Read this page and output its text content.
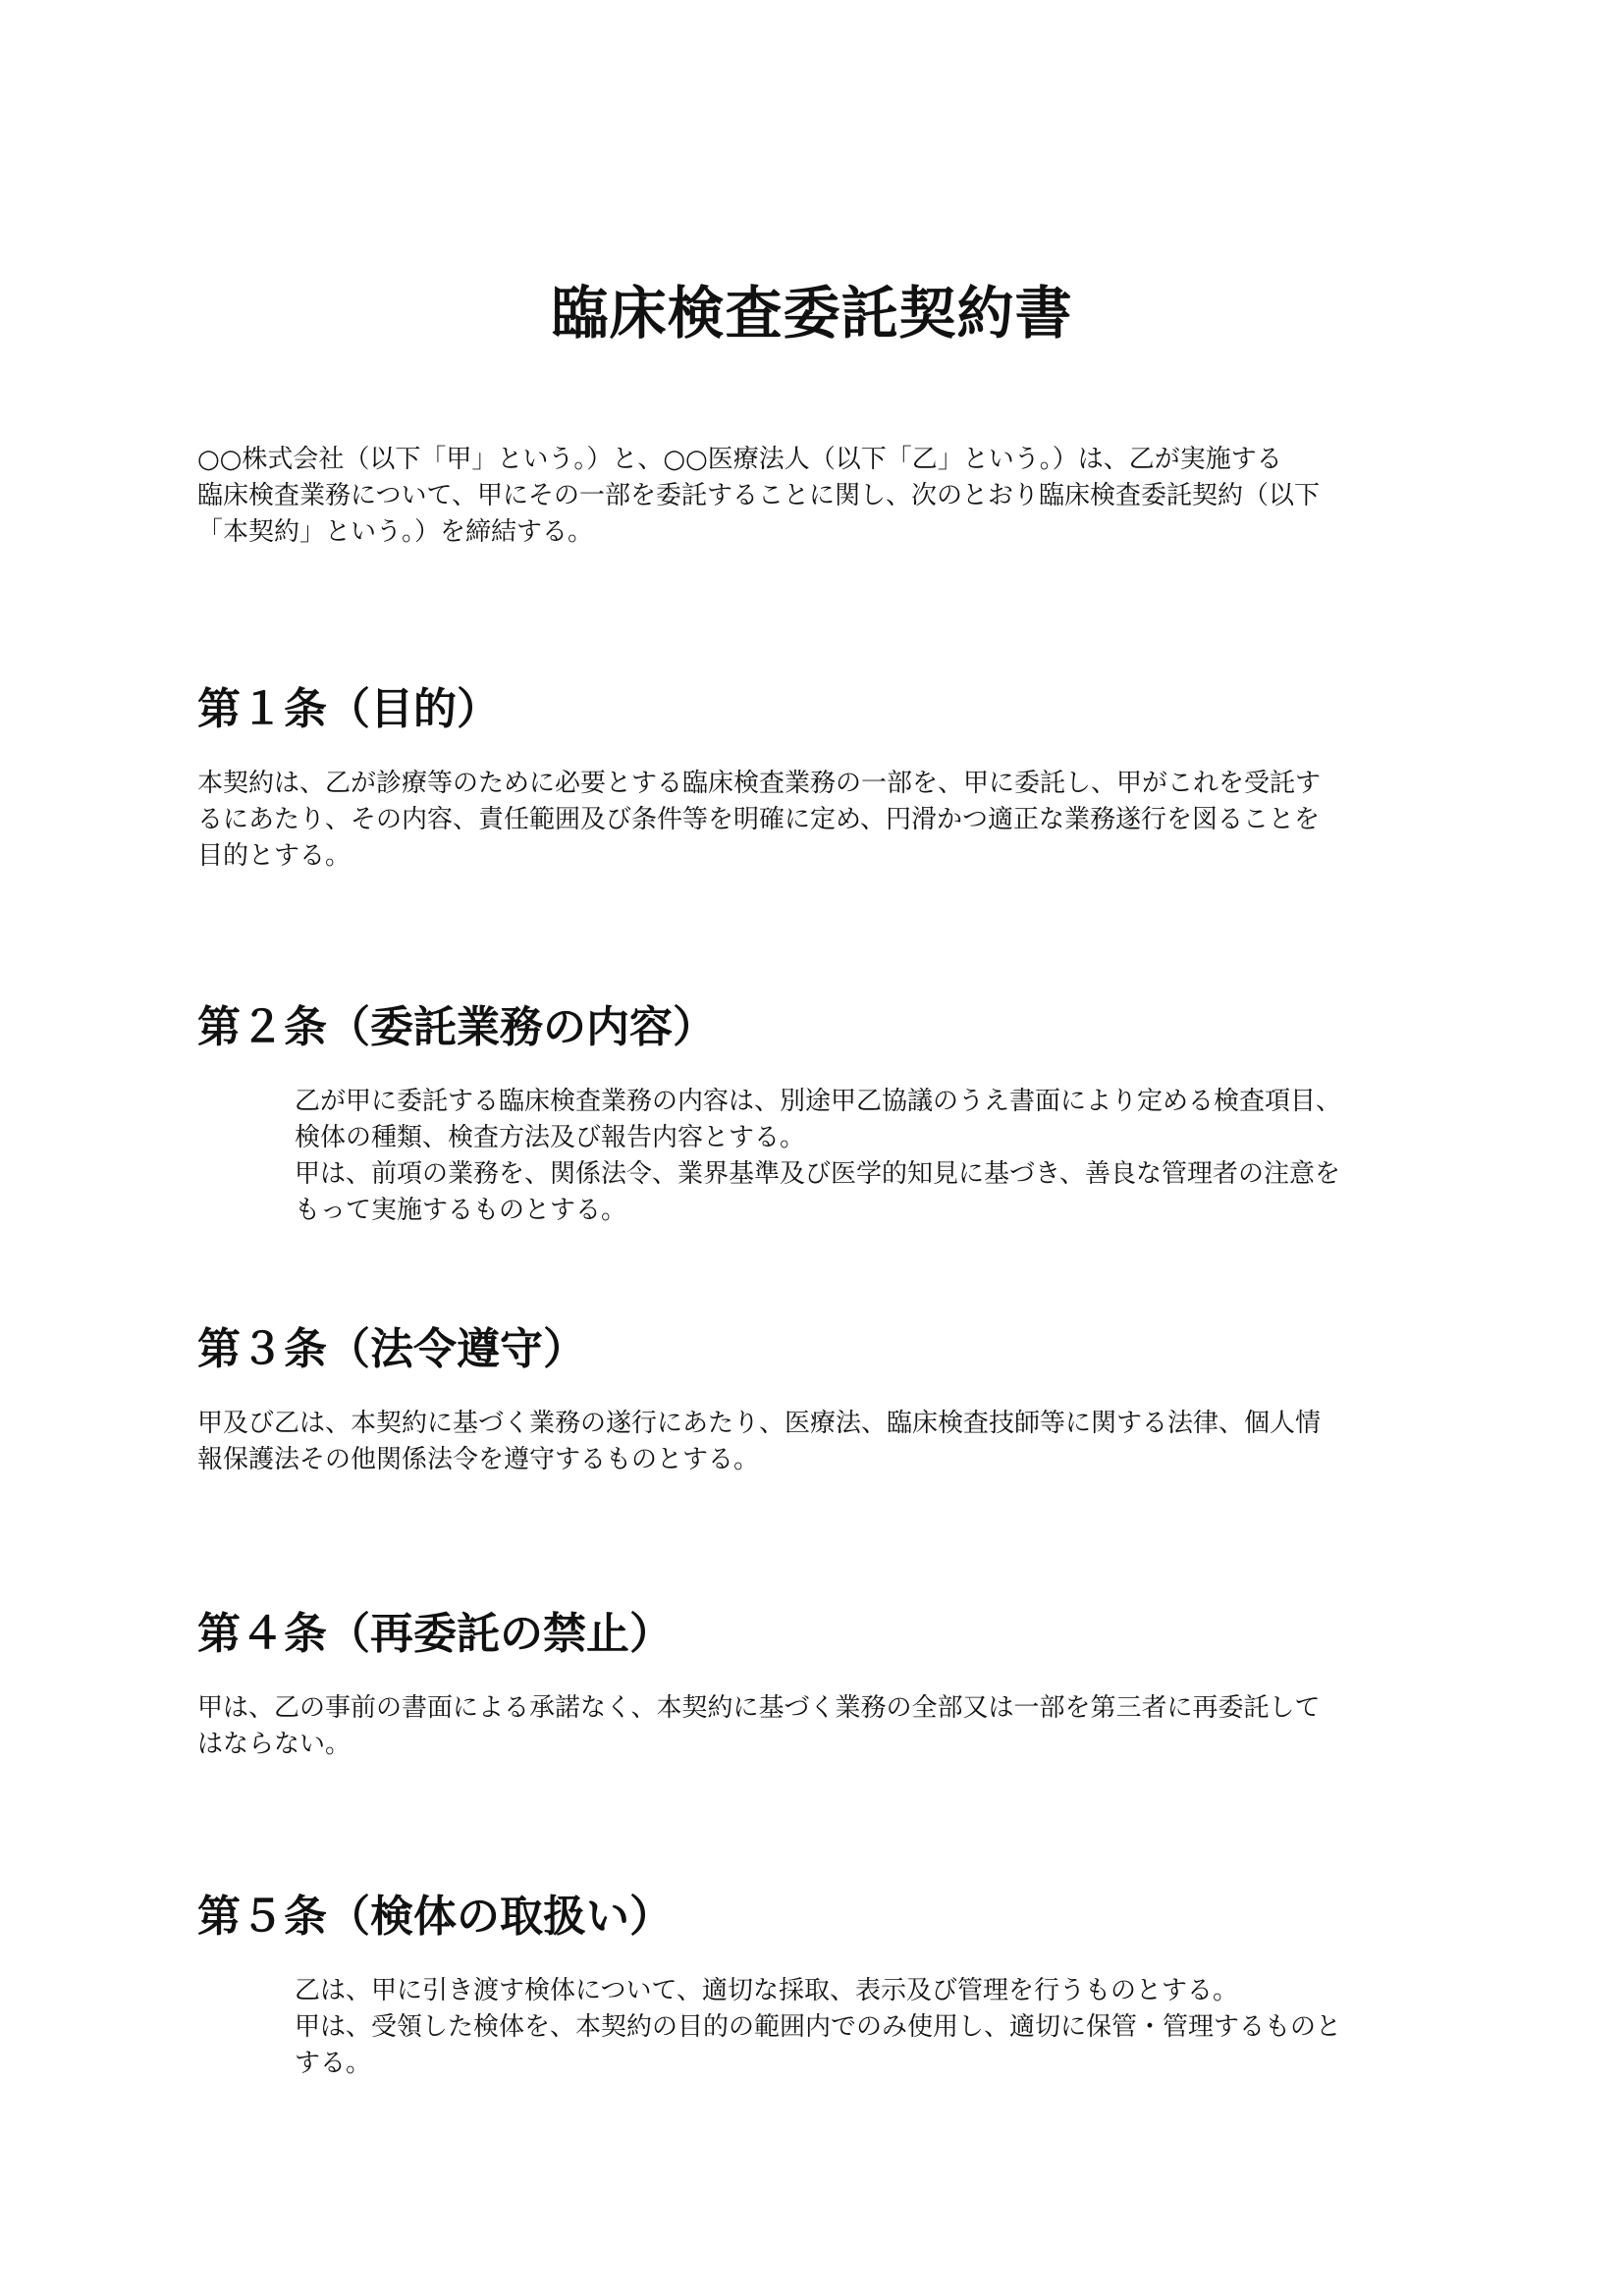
臨床検査委託契約書

○○株式会社（以下「甲」という。）と、○○医療法人（以下「乙」という。）は、乙が実施する
臨床検査業務について、甲にその一部を委託することに関し、次のとおり臨床検査委託契約（以下
「本契約」という。）を締結する。

第１条（目的）

本契約は、乙が診療等のために必要とする臨床検査業務の一部を、甲に委託し、甲がこれを受託す
るにあたり、その内容、責任範囲及び条件等を明確に定め、円滑かつ適正な業務遂行を図ることを
目的とする。

第２条（委託業務の内容）

乙が甲に委託する臨床検査業務の内容は、別途甲乙協議のうえ書面により定める検査項目、
検体の種類、検査方法及び報告内容とする。
甲は、前項の業務を、関係法令、業界基準及び医学的知見に基づき、善良な管理者の注意を
もって実施するものとする。

第３条（法令遵守）

甲及び乙は、本契約に基づく業務の遂行にあたり、医療法、臨床検査技師等に関する法律、個人情
報保護法その他関係法令を遵守するものとする。

第４条（再委託の禁止）

甲は、乙の事前の書面による承諾なく、本契約に基づく業務の全部又は一部を第三者に再委託して
はならない。

第５条（検体の取扱い）

乙は、甲に引き渡す検体について、適切な採取、表示及び管理を行うものとする。
甲は、受領した検体を、本契約の目的の範囲内でのみ使用し、適切に保管・管理するものと
する。
